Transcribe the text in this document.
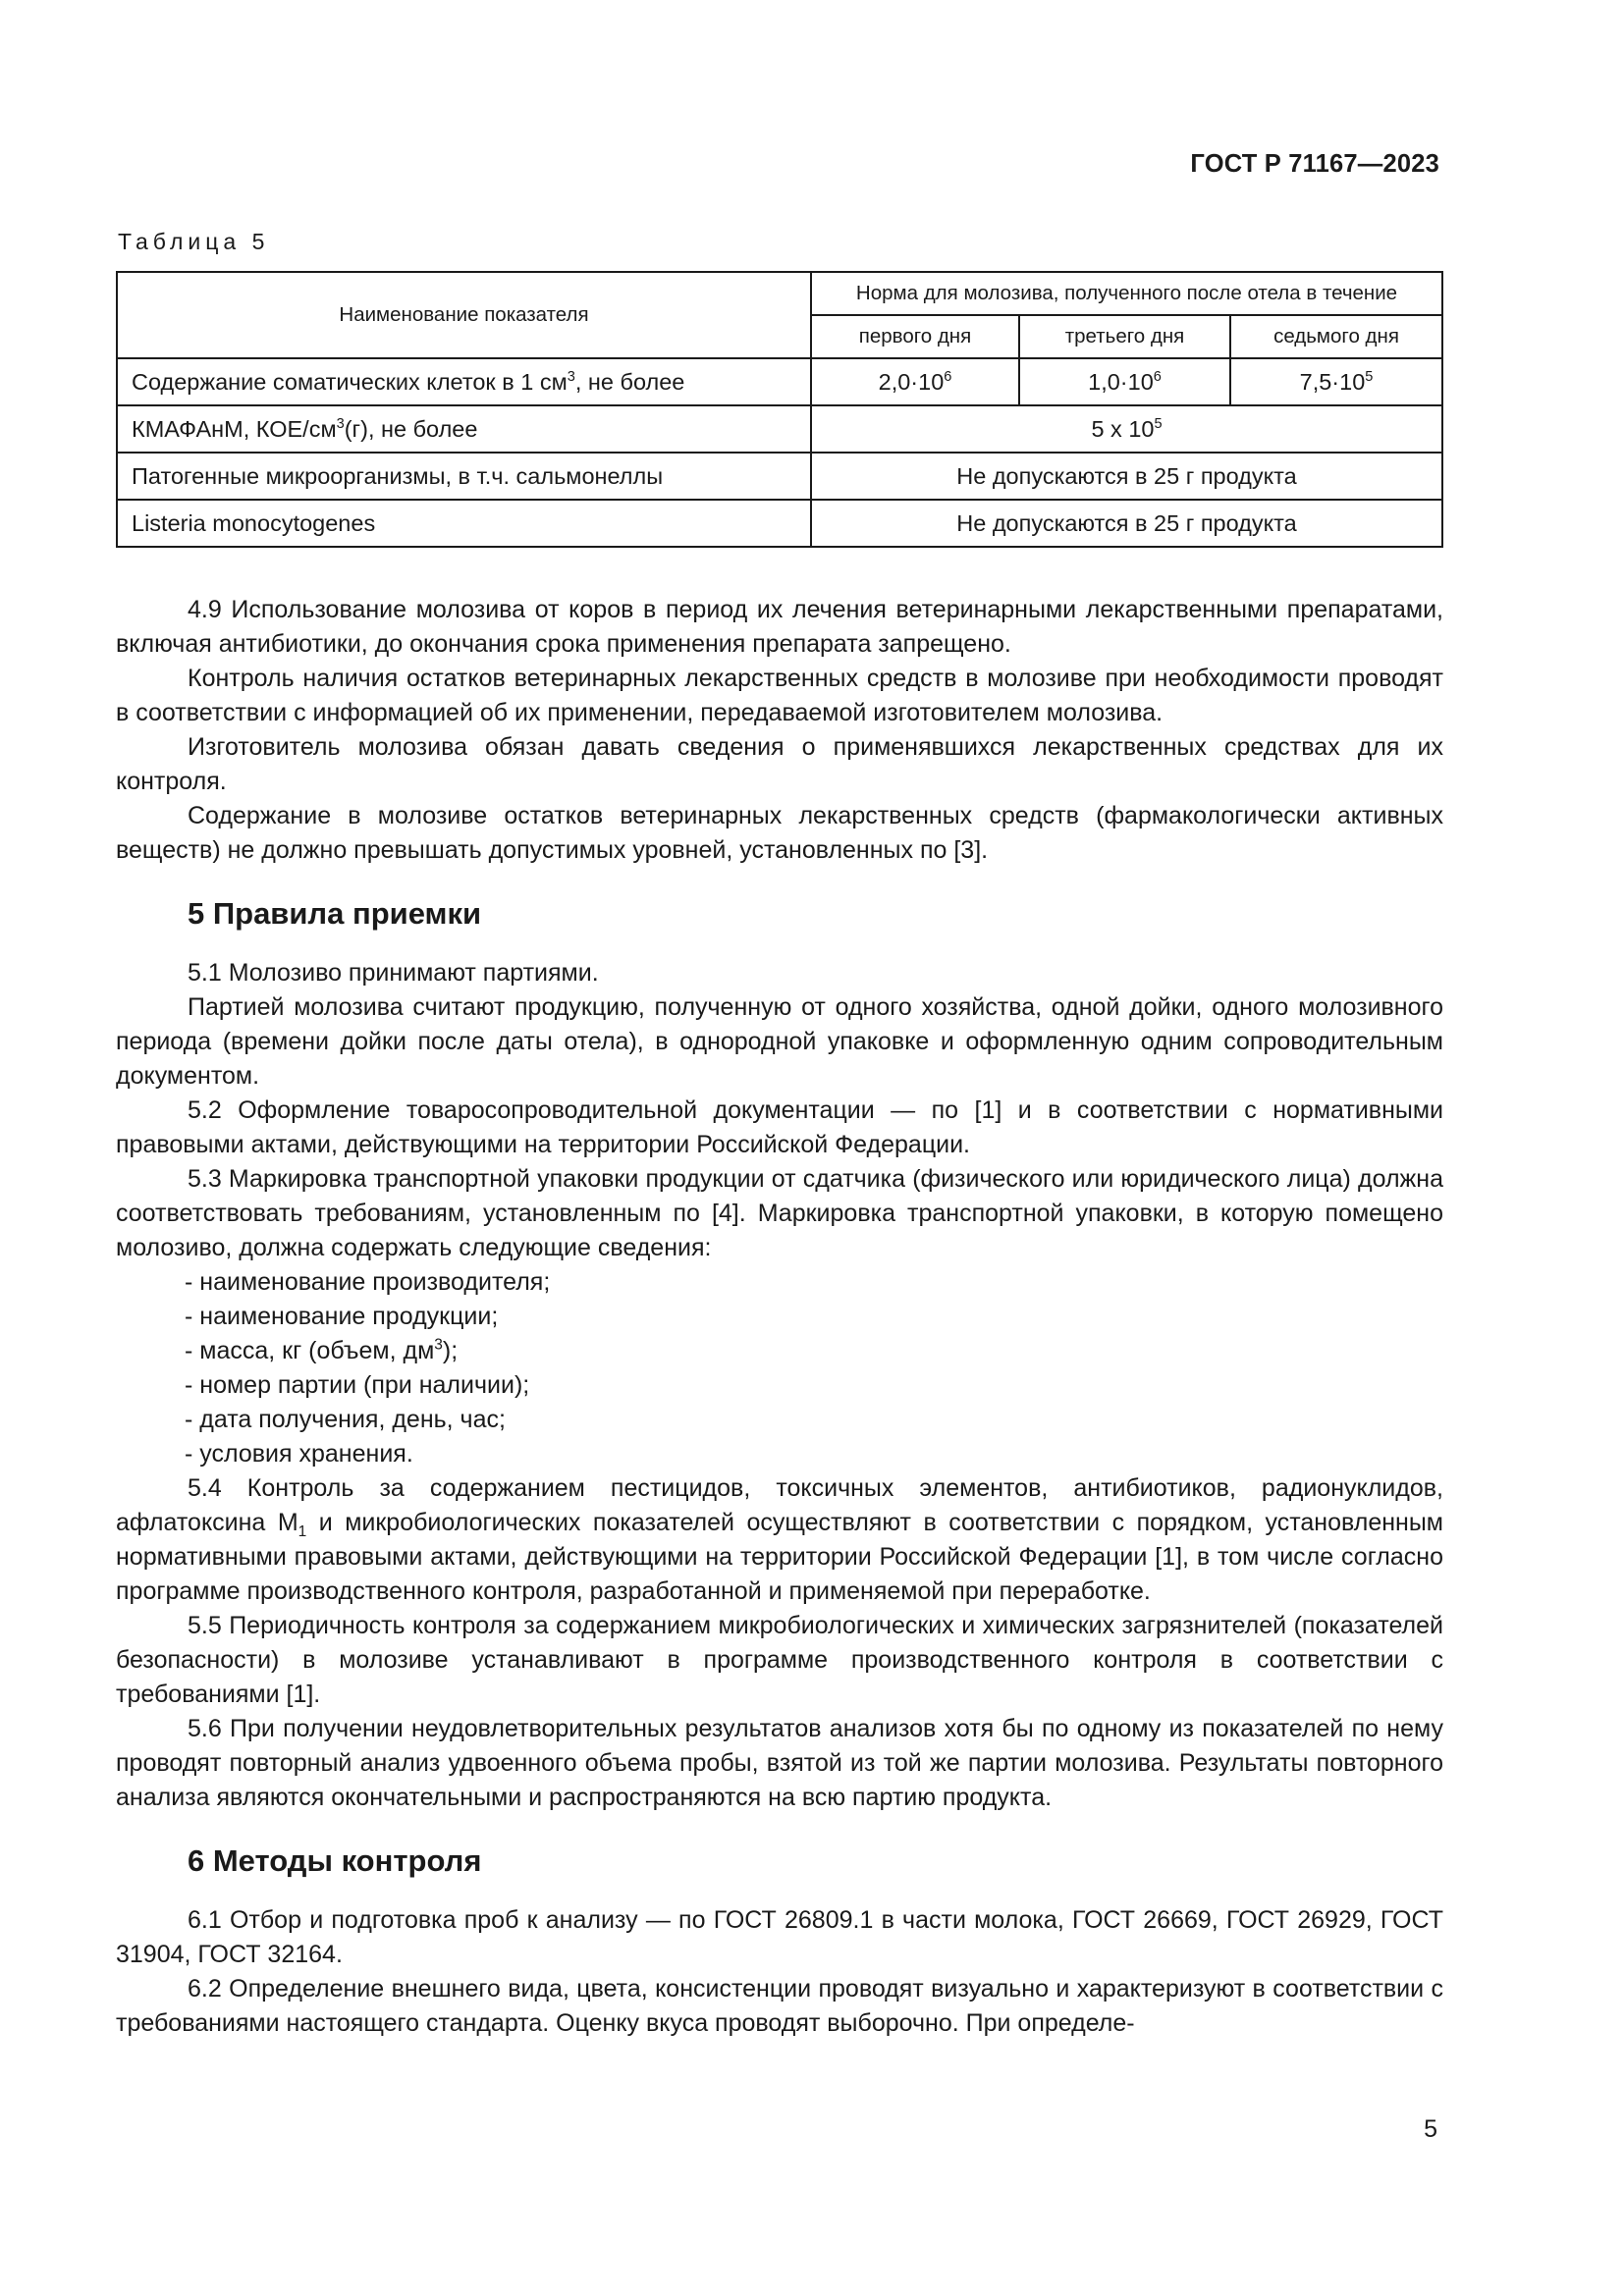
ГОСТ Р 71167—2023
Таблица 5
Наименование показателя	Норма для молозива, полученного после отела в течение		
	первого дня	третьего дня	седьмого дня
Содержание соматических клеток в 1 $см^3$, не более	$2,0\cdot 10^6$	$1,0\cdot 10^6$	$7,5\cdot 10^5$
КМАФАнМ, КОЕ/$см^3(г)$, не более	5 х $10^5$
Патогенные микроорганизмы, в т.ч. сальмонеллы	Не допускаются в 25 г продукта		
Listeria monocytogenes	Не допускаются в 25 г продукта		

4.9 Использование молозива от коров в период их лечения ветеринарными лекарственными препаратами, включая антибиотики, до окончания срока применения препарата запрещено.

Контроль наличия остатков ветеринарных лекарственных средств в молозиве при необходимости проводят в соответствии с информацией об их применении, передаваемой изготовителем молозива.

Изготовитель молозива обязан давать сведения о применявшихся лекарственных средствах для их контроля.

Содержание в молозиве остатков ветеринарных лекарственных средств (фармакологически активных веществ) не должно превышать допустимых уровней, установленных по [3].

5 Правила приемки

5.1 Молозиво принимают партиями.

Партией молозива считают продукцию, полученную от одного хозяйства, одной дойки, одного молозивного периода (времени дойки после даты отела), в однородной упаковке и оформленную одним сопроводительным документом.

5.2 Оформление товаросопроводительной документации — по [1] и в соответствии с нормативными правовыми актами, действующими на территории Российской Федерации.

5.3 Маркировка транспортной упаковки продукции от сдатчика (физического или юридического лица) должна соответствовать требованиям, установленным по [4]. Маркировка транспортной упаковки, в которую помещено молозиво, должна содержать следующие сведения:

- наименование производителя;

- наименование продукции;

- масса, кг (объем, $дм^3$);

- номер партии (при наличии);

- дата получения, день, час;

- условия хранения.

5.4 Контроль за содержанием пестицидов, токсичных элементов, антибиотиков, радионуклидов, афлатоксина $М_1$ и микробиологических показателей осуществляют в соответствии с порядком, установленным нормативными правовыми актами, действующими на территории Российской Федерации [1], в том числе согласно программе производственного контроля, разработанной и применяемой при переработке.

5.5 Периодичность контроля за содержанием микробиологических и химических загрязнителей (показателей безопасности) в молозиве устанавливают в программе производственного контроля в соответствии с требованиями [1].

5.6 При получении неудовлетворительных результатов анализов хотя бы по одному из показателей по нему проводят повторный анализ удвоенного объема пробы, взятой из той же партии молозива. Результаты повторного анализа являются окончательными и распространяются на всю партию продукта.

6 Методы контроля

6.1 Отбор и подготовка проб к анализу — по ГОСТ 26809.1 в части молока, ГОСТ 26669, ГОСТ 26929, ГОСТ 31904, ГОСТ 32164.

6.2 Определение внешнего вида, цвета, консистенции проводят визуально и характеризуют в соответствии с требованиями настоящего стандарта. Оценку вкуса проводят выборочно. При определе-

5
